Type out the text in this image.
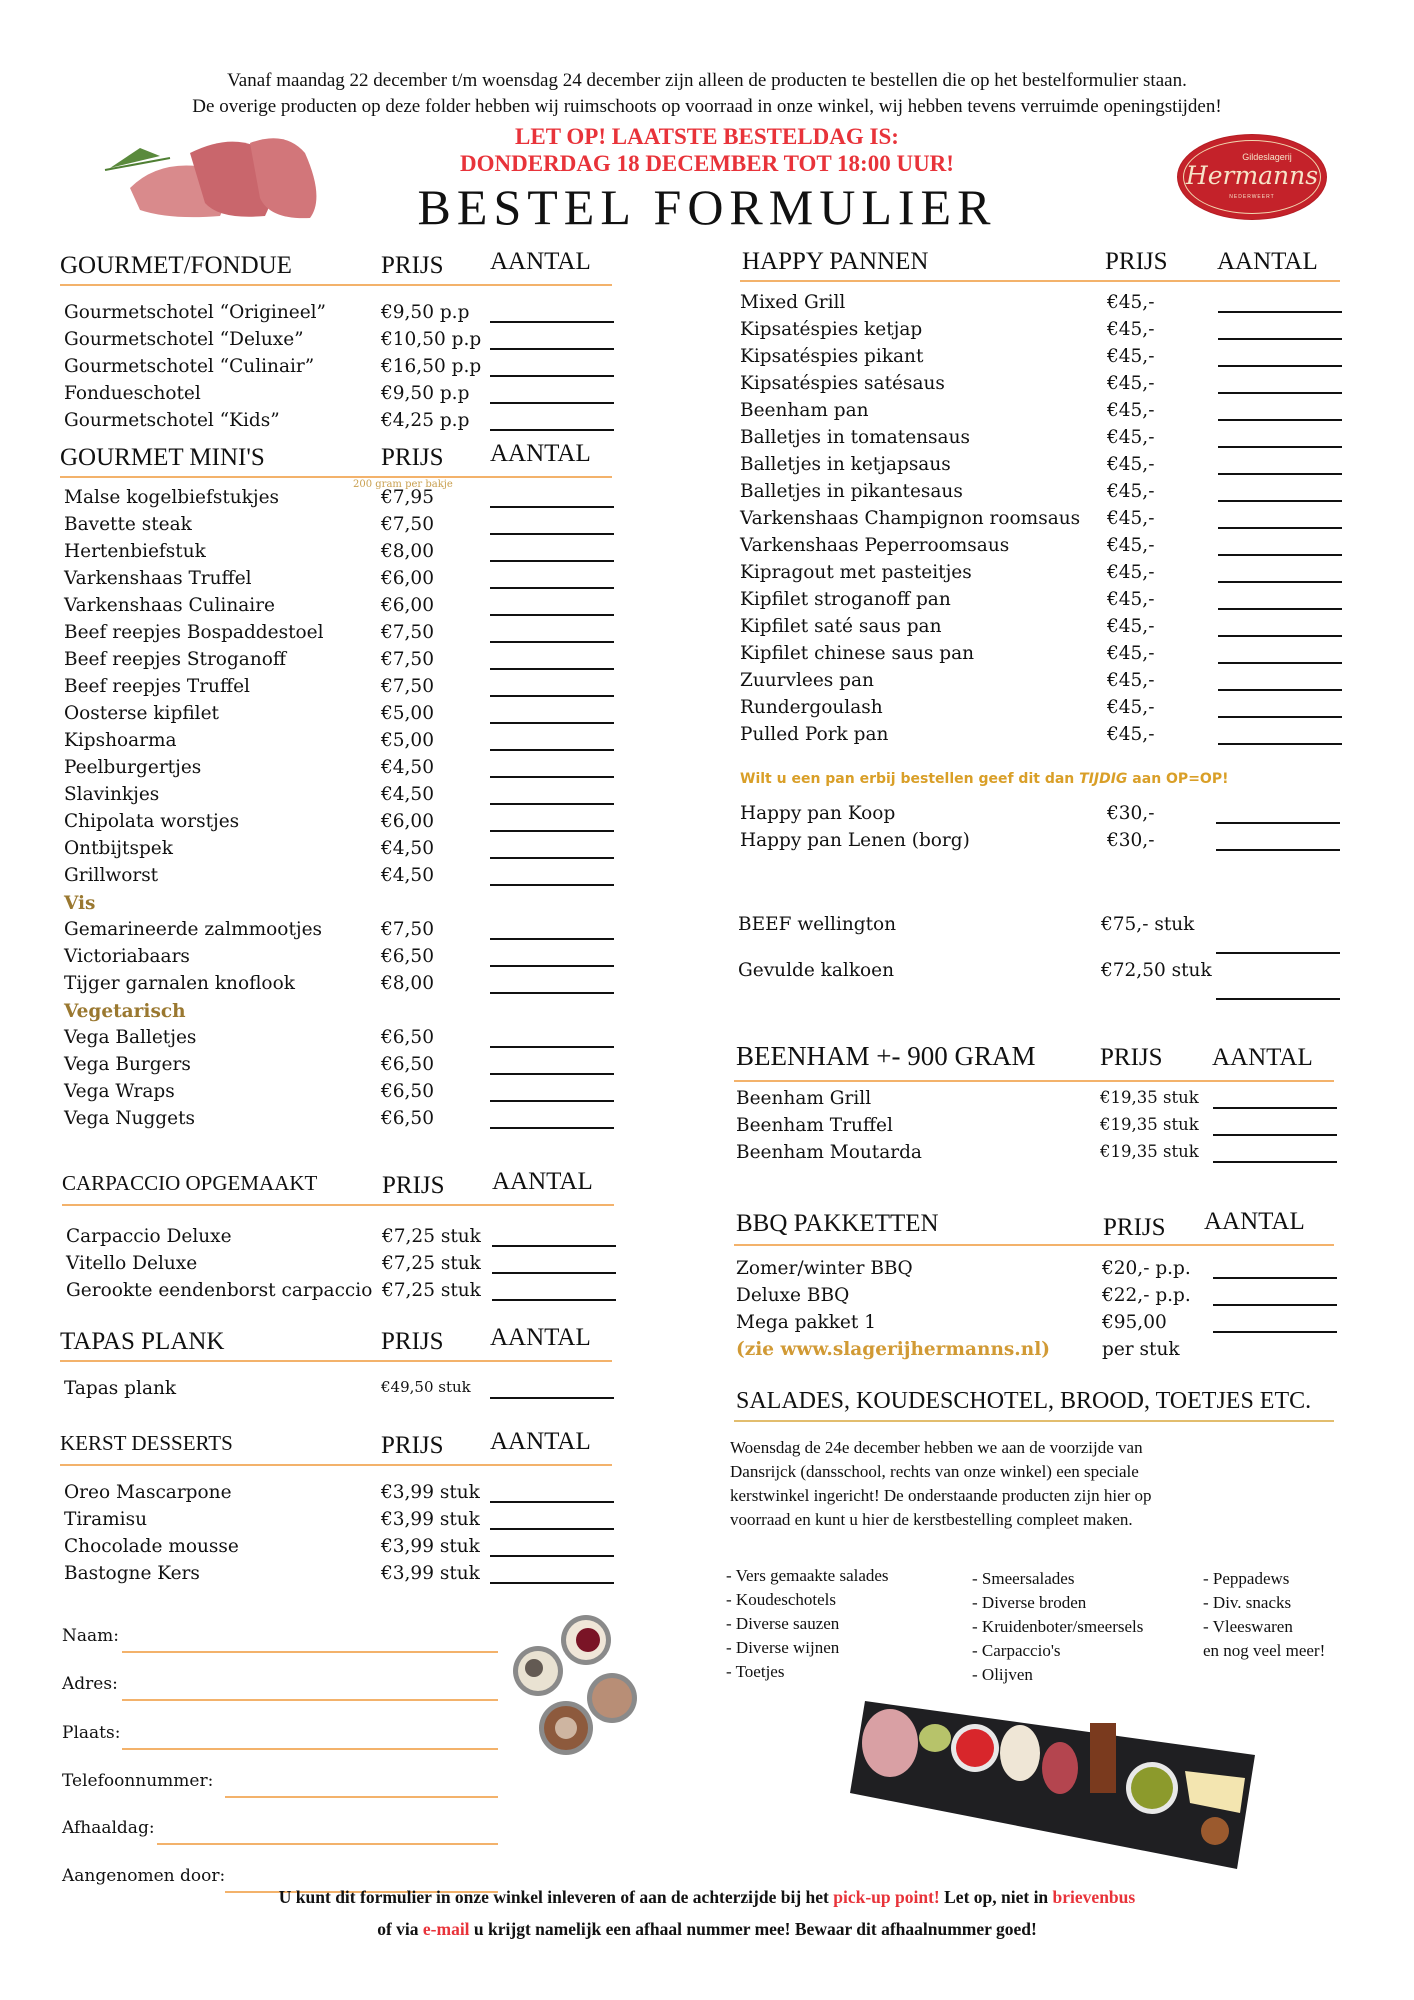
Vanaf maandag 22 december t/m woensdag 24 december zijn alleen de producten te bestellen die op het bestelformulier staan.
De overige producten op deze folder hebben wij ruimschoots op voorraad in onze winkel, wij hebben tevens verruimde openingstijden!
LET OP! LAATSTE BESTELDAG IS:
DONDERDAG 18 DECEMBER TOT 18:00 UUR!
BESTEL FORMULIER
Gildeslagerij
Hermanns
NEDERWEERT
GOURMET/FONDUE	PRIJS AANTAL
Gourmetschotel “Origineel”	€9,50 p.p
Gourmetschotel “Deluxe”	€10,50 p.p
Gourmetschotel “Culinair”	€16,50 p.p
Fondueschotel	€9,50 p.p
Gourmetschotel “Kids”	€4,25 p.p
GOURMET MINI'S	PRIJS AANTAL
200 gram per bakje
Malse kogelbiefstukjes	€7,95
Bavette steak	€7,50
Hertenbiefstuk	€8,00
Varkenshaas Truffel	€6,00
Varkenshaas Culinaire	€6,00
Beef reepjes Bospaddestoel	€7,50
Beef reepjes Stroganoff	€7,50
Beef reepjes Truffel	€7,50
Oosterse kipfilet	€5,00
Kipshoarma	€5,00
Peelburgertjes	€4,50
Slavinkjes	€4,50
Chipolata worstjes	€6,00
Ontbijtspek	€4,50
Grillworst	€4,50
Vis
Gemarineerde zalmmootjes	€7,50
Victoriabaars	€6,50
Tijger garnalen knoflook	€8,00
Vegetarisch
Vega Balletjes	€6,50
Vega Burgers	€6,50
Vega Wraps	€6,50
Vega Nuggets	€6,50
CARPACCIO OPGEMAAKT	PRIJS AANTAL
Carpaccio Deluxe	€7,25 stuk
Vitello Deluxe	€7,25 stuk
Gerookte eendenborst carpaccio €7,25 stuk
TAPAS PLANK	PRIJS AANTAL
Tapas plank	€49,50 stuk
KERST DESSERTS	PRIJS AANTAL
Oreo Mascarpone	€3,99 stuk
Tiramisu	€3,99 stuk
Chocolade mousse	€3,99 stuk
Bastogne Kers	€3,99 stuk
Naam:
Adres:
Plaats:
Telefoonnummer:
Afhaaldag:
Aangenomen door:
HAPPY PANNEN	PRIJS AANTAL
Mixed Grill	€45,-
Kipsatéspies ketjap	€45,-
Kipsatéspies pikant	€45,-
Kipsatéspies satésaus	€45,-
Beenham pan	€45,-
Balletjes in tomatensaus	€45,-
Balletjes in ketjapsaus	€45,-
Balletjes in pikantesaus	€45,-
Varkenshaas Champignon roomsaus €45,-
Varkenshaas Peperroomsaus	€45,-
Kipragout met pasteitjes	€45,-
Kipfilet stroganoff pan	€45,-
Kipfilet saté saus pan	€45,-
Kipfilet chinese saus pan	€45,-
Zuurvlees pan	€45,-
Rundergoulash	€45,-
Pulled Pork pan	€45,-
Wilt u een pan erbij bestellen geef dit dan TIJDIG aan OP=OP!
Happy pan Koop	€30,-
Happy pan Lenen (borg)	€30,-
BEEF wellington	€75,- stuk
Gevulde kalkoen	€72,50 stuk
BEENHAM +- 900 GRAM	PRIJS AANTAL
Beenham Grill	€19,35 stuk
Beenham Truffel	€19,35 stuk
Beenham Moutarda	€19,35 stuk
BBQ PAKKETTEN	PRIJS AANTAL
Zomer/winter BBQ	€20,- p.p.
Deluxe BBQ	€22,- p.p.
Mega pakket 1	€95,00
(zie www.slagerijhermanns.nl)	per stuk
SALADES, KOUDESCHOTEL, BROOD, TOETJES ETC.
Woensdag de 24e december hebben we aan de voorzijde van
Dansrijck (dansschool, rechts van onze winkel) een speciale
kerstwinkel ingericht! De onderstaande producten zijn hier op
voorraad en kunt u hier de kerstbestelling compleet maken.
- Vers gemaakte salades
- Koudeschotels
- Diverse sauzen
- Diverse wijnen
- Toetjes
- Smeersalades
- Diverse broden
- Kruidenboter/smeersels
- Carpaccio's
- Olijven
- Peppadews
- Div. snacks
- Vleeswaren
en nog veel meer!
U kunt dit formulier in onze winkel inleveren of aan de achterzijde bij het pick-up point! Let op, niet in brievenbus
of via e-mail u krijgt namelijk een afhaal nummer mee! Bewaar dit afhaalnummer goed!
